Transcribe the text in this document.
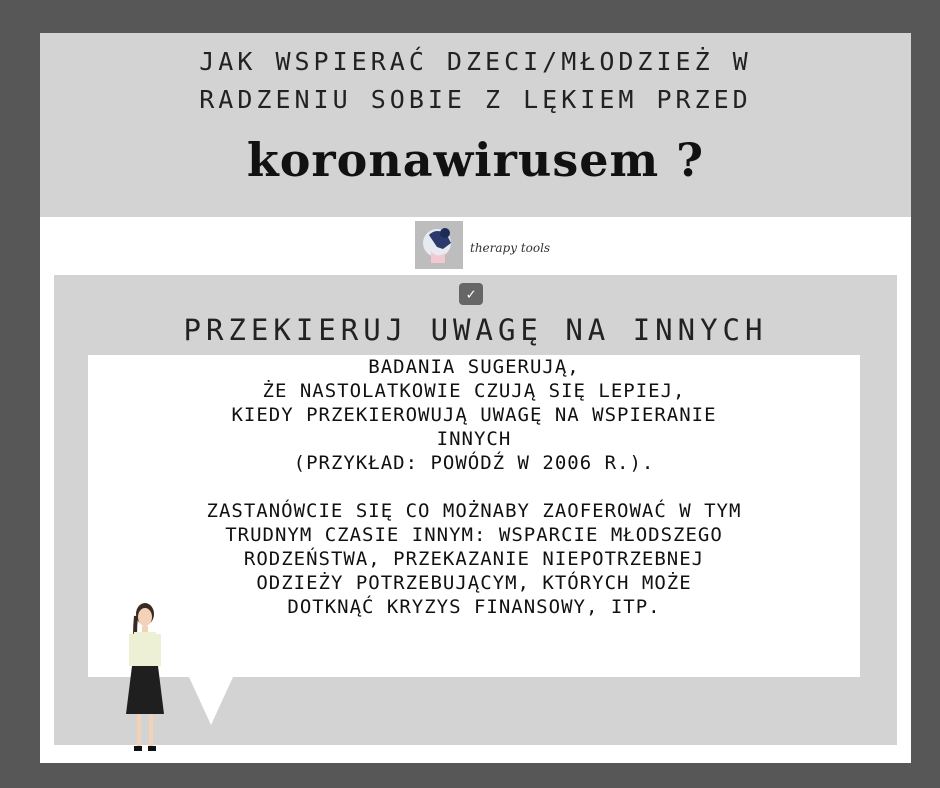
JAK WSPIERAĆ DZECI/MŁODZIEŻ W
RADZENIU SOBIE Z LĘKIEM PRZED
koronawirusem ?
therapy tools
✓
PRZEKIERUJ UWAGĘ NA INNYCH
BADANIA SUGERUJĄ,
ŻE NASTOLATKOWIE CZUJĄ SIĘ LEPIEJ,
KIEDY PRZEKIEROWUJĄ UWAGĘ NA WSPIERANIE
INNYCH
(PRZYKŁAD: POWÓDŹ W 2006 R.).
ZASTANÓWCIE SIĘ CO MOŻNABY ZAOFEROWAĆ W TYM
TRUDNYM CZASIE INNYM: WSPARCIE MŁODSZEGO
RODZEŃSTWA, PRZEKAZANIE NIEPOTRZEBNEJ
ODZIEŻY POTRZEBUJĄCYM, KTÓRYCH MOŻE
DOTKNĄĆ KRYZYS FINANSOWY, ITP.
